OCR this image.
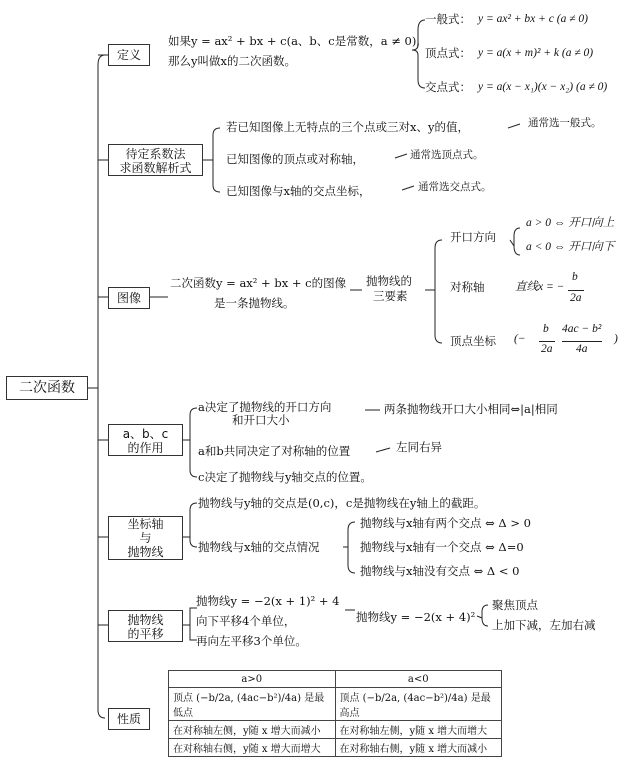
二次函数
定义
如果y = ax² + bx + c(a、b、c是常数，a ≠ 0),
那么y叫做x的二次函数。
一般式： y = ax² + bx + c (a ≠ 0)
顶点式： y = a(x + m)² + k (a ≠ 0)
交点式： y = a(x − x₁)(x − x₂) (a ≠ 0)
待定系数法
求函数解析式
若已知图像上无特点的三个点或三对x、y的值，	通常选一般式。
已知图像的顶点或对称轴，	通常选顶点式。
已知图像与x轴的交点坐标，	通常选交点式。
图像
二次函数y = ax² + bx + c的图像
是一条抛物线。
抛物线的
三要素
开口方向
a > 0 ⇔ 开口向上
a < 0 ⇔ 开口向下
对称轴	直线x = −
b
2a
顶点坐标 (−
b
2a
4ac − b²
4a
)
a、b、c
的作用
a决定了抛物线的开口方向
和开口大小
两条抛物线开口大小相同⇔|a|相同
a和b共同决定了对称轴的位置	左同右异
c决定了抛物线与y轴交点的位置。
坐标轴
与
抛物线
抛物线与y轴的交点是(0,c)，c是抛物线在y轴上的截距。
抛物线与x轴的交点情况
抛物线与x轴有两个交点 ⇔ Δ > 0
抛物线与x轴有一个交点 ⇔ Δ=0
抛物线与x轴没有交点 ⇔ Δ < 0
抛物线
的平移
抛物线y = −2(x + 1)² + 4
向下平移4个单位，
再向左平移3个单位。
抛物线y = −2(x + 4)²
聚焦顶点
上加下减，左加右减
性质
a>0	a<0
顶点 (−b/2a, (4ac−b²)/4a) 是最低点	顶点 (−b/2a, (4ac−b²)/4a) 是最高点
在对称轴左侧，y随 x 增大而减小	在对称轴左侧，y随 x 增大而增大
在对称轴右侧，y随 x 增大而增大	在对称轴右侧，y随 x 增大而减小
